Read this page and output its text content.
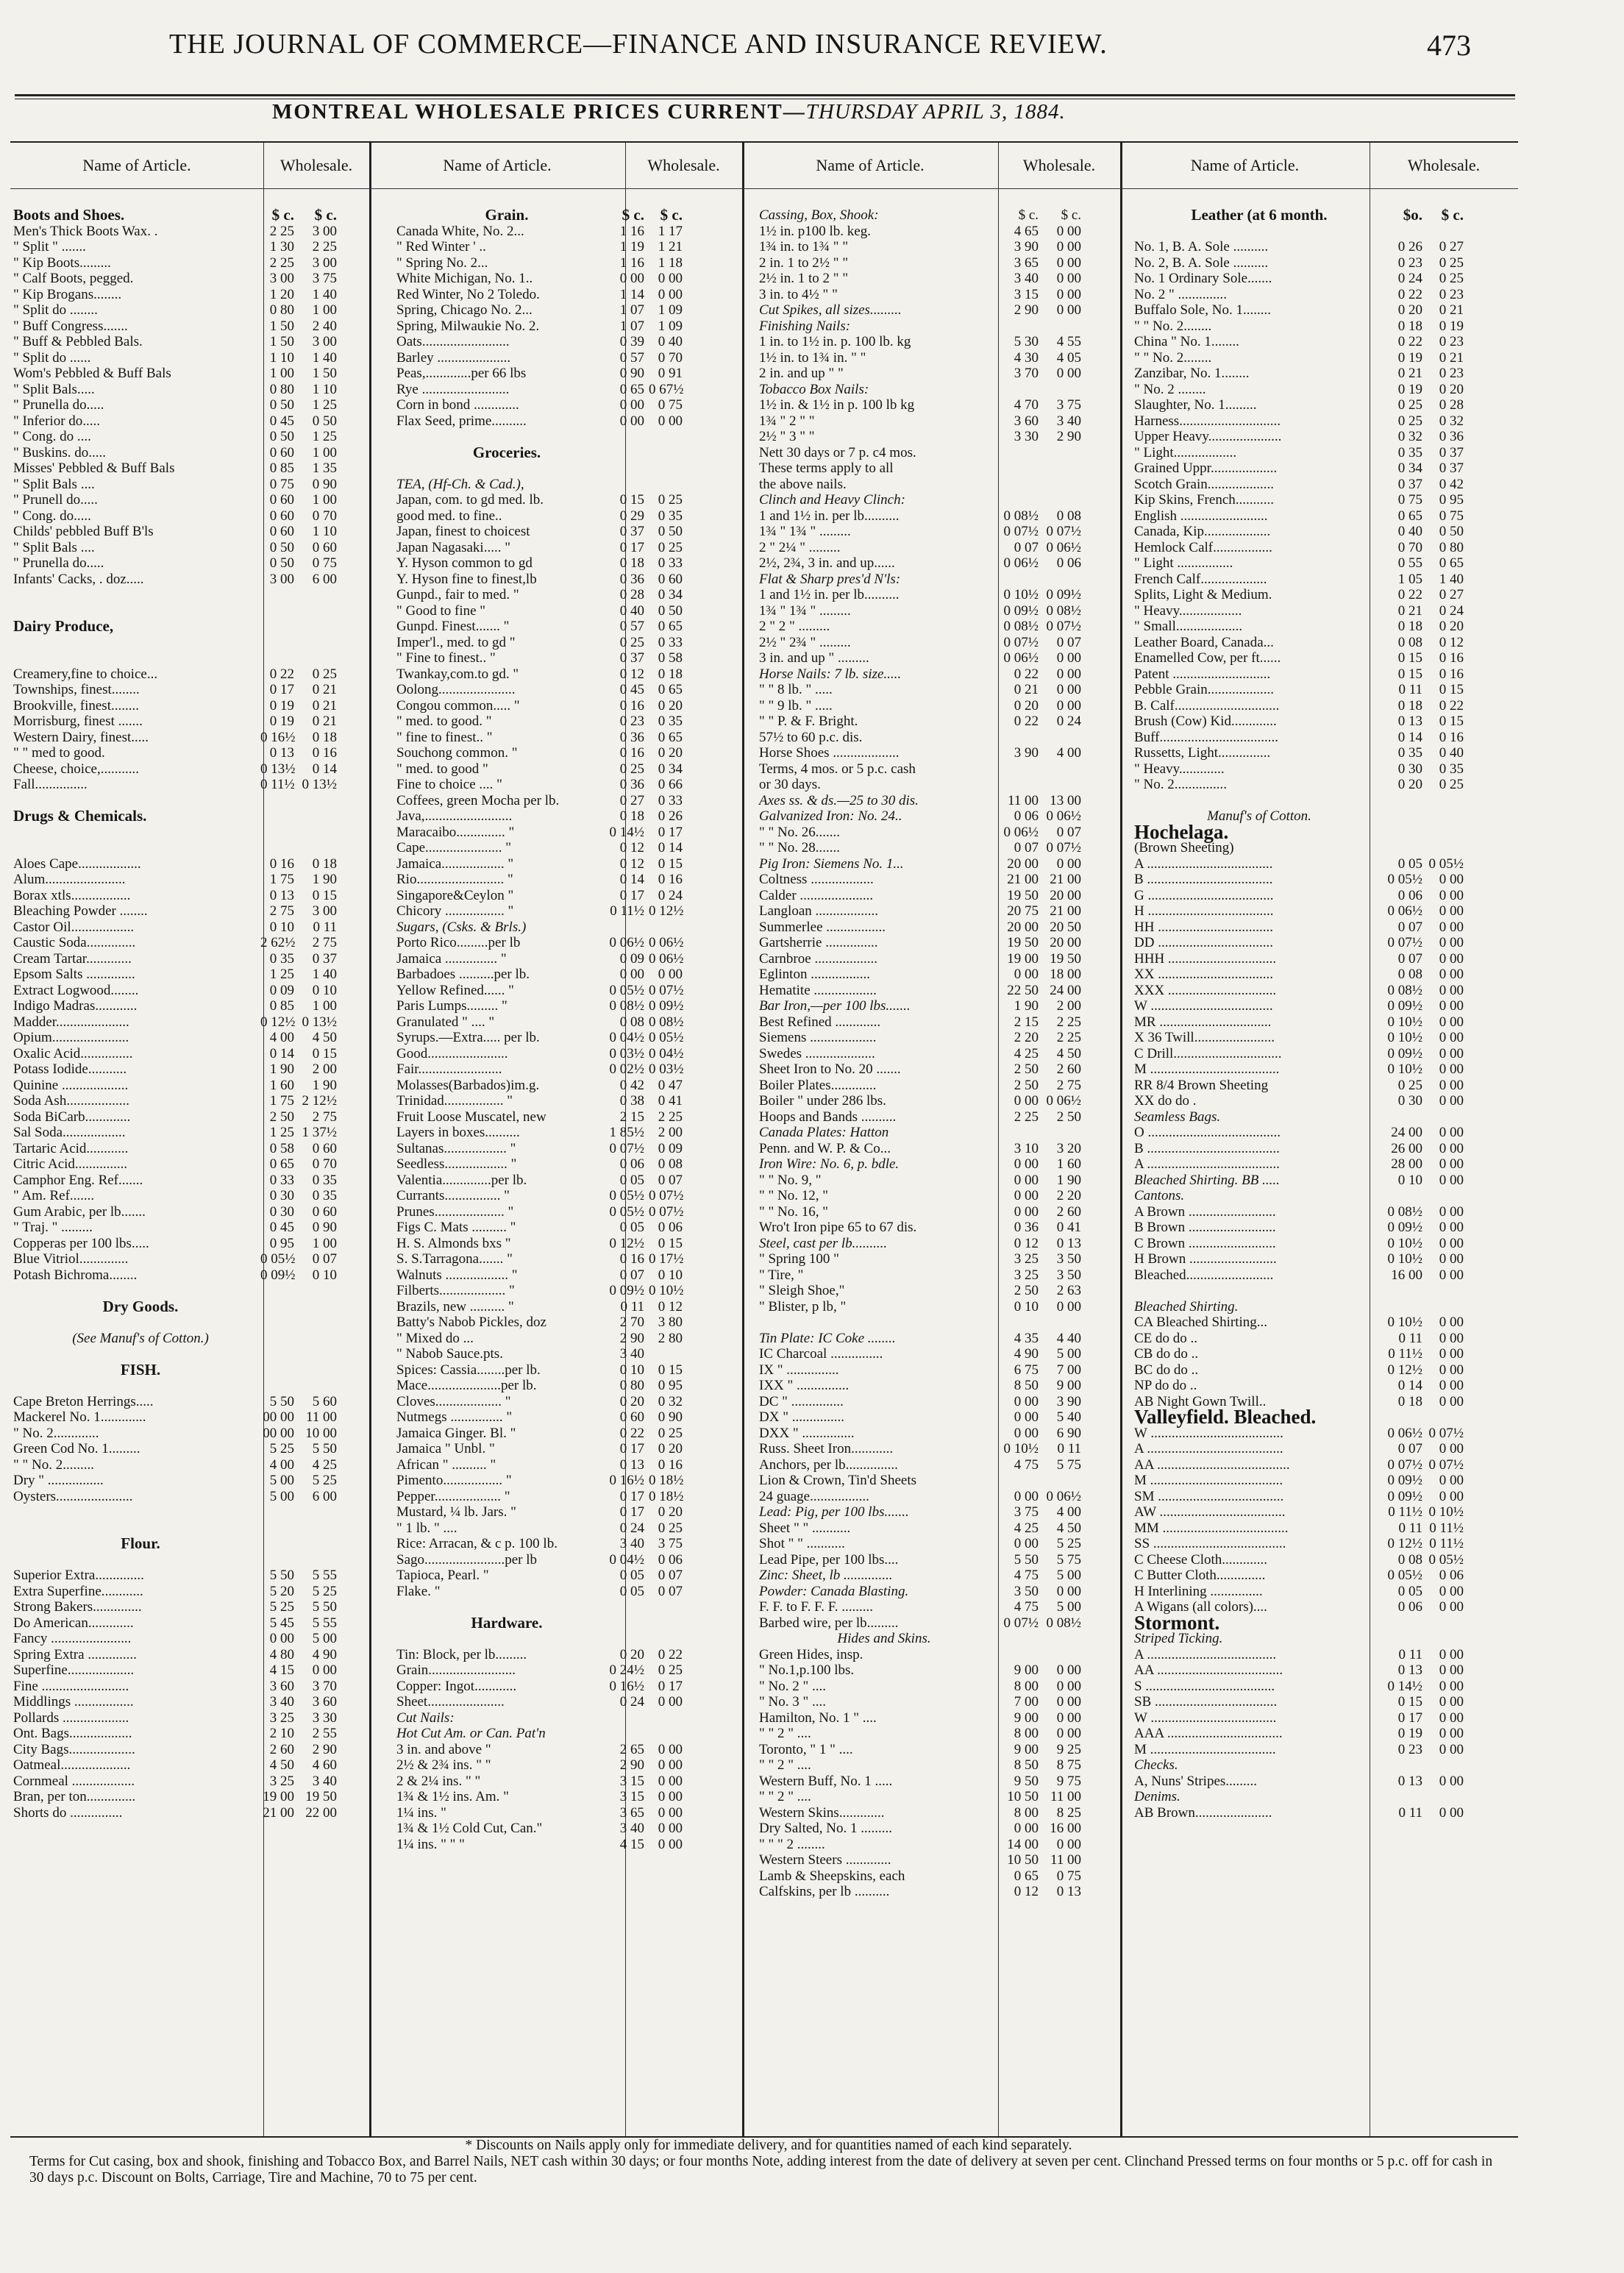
THE JOURNAL OF COMMERCE—FINANCE AND INSURANCE REVIEW.	473
MONTREAL WHOLESALE PRICES CURRENT—THURSDAY APRIL 3, 1884.
Name of Article.	Wholesale.	Name of Article.	Wholesale.	Name of Article.	Wholesale.	Name of Article.	Wholesale.
Boots and Shoes.	$ c.	$ c.
Men's Thick Boots Wax. .	2 25	3 00
" Split " .......	1 30	2 25
" Kip Boots.........	2 25	3 00
" Calf Boots, pegged.	3 00	3 75
" Kip Brogans........	1 20	1 40
" Split do ........	0 80	1 00
" Buff Congress.......	1 50	2 40
" Buff & Pebbled Bals.	1 50	3 00
" Split do ......	1 10	1 40
Wom's Pebbled & Buff Bals	1 00	1 50
" Split Bals.....	0 80	1 10
" Prunella do.....	0 50	1 25
" Inferior do.....	0 45	0 50
" Cong. do ....	0 50	1 25
" Buskins. do.....	0 60	1 00
Misses' Pebbled & Buff Bals	0 85	1 35
" Split Bals ....	0 75	0 90
" Prunell do.....	0 60	1 00
" Cong. do.....	0 60	0 70
Childs' pebbled Buff B'ls	0 60	1 10
" Split Bals ....	0 50	0 60
" Prunella do.....	0 50	0 75
Infants' Cacks, . doz.....	3 00	6 00
Dairy Produce,
Creamery,fine to choice...	0 22	0 25
Townships, finest........	0 17	0 21
Brookville, finest........	0 19	0 21
Morrisburg, finest .......	0 19	0 21
Western Dairy, finest.....	0 16½	0 18
" " med to good.	0 13	0 16
Cheese, choice,...........	0 13½	0 14
Fall...............	0 11½ 0 13½
Drugs & Chemicals.
Aloes Cape..................	0 16	0 18
Alum.......................	1 75	1 90
Borax xtls.................	0 13	0 15
Bleaching Powder ........	2 75	3 00
Castor Oil..................	0 10	0 11
Caustic Soda..............	2 62½	2 75
Cream Tartar.............	0 35	0 37
Epsom Salts ..............	1 25	1 40
Extract Logwood........	0 09	0 10
Indigo Madras............	0 85	1 00
Madder.....................	0 12½ 0 13½
Opium......................	4 00	4 50
Oxalic Acid...............	0 14	0 15
Potass Iodide...........	1 90	2 00
Quinine ...................	1 60	1 90
Soda Ash..................	1 75 2 12½
Soda BiCarb.............	2 50	2 75
Sal Soda..................	1 25 1 37½
Tartaric Acid............	0 58	0 60
Citric Acid...............	0 65	0 70
Camphor Eng. Ref.......	0 33	0 35
" Am. Ref.......	0 30	0 35
Gum Arabic, per lb.......	0 30	0 60
" Traj. " .........	0 45	0 90
Copperas per 100 lbs.....	0 95	1 00
Blue Vitriol..............	0 05½	0 07
Potash Bichroma........	0 09½	0 10
Dry Goods.
(See Manuf's of Cotton.)
FISH.
Cape Breton Herrings.....	5 50	5 60
Mackerel No. 1.............	00 00 11 00
" No. 2.............	00 00 10 00
Green Cod No. 1.........	5 25	5 50
" " No. 2.........	4 00	4 25
Dry " ................	5 00	5 25
Oysters......................	5 00	6 00
Flour.
Superior Extra..............	5 50	5 55
Extra Superfine............	5 20	5 25
Strong Bakers..............	5 25	5 50
Do American.............	5 45	5 55
Fancy .......................	0 00	5 00
Spring Extra ..............	4 80	4 90
Superfine...................	4 15	0 00
Fine .........................	3 60	3 70
Middlings .................	3 40	3 60
Pollards ...................	3 25	3 30
Ont. Bags..................	2 10	2 55
City Bags...................	2 60	2 90
Oatmeal....................	4 50	4 60
Cornmeal ..................	3 25	3 40
Bran, per ton..............	19 00 19 50
Shorts do ...............	21 00 22 00
Grain.	$ c.	$ c.
Canada White, No. 2...	1 16 1 17
" Red Winter ' ..	1 19 1 21
" Spring No. 2...	1 16 1 18
White Michigan, No. 1..	0 00 0 00
Red Winter, No 2 Toledo.	1 14 0 00
Spring, Chicago No. 2...	1 07 1 09
Spring, Milwaukie No. 2.	1 07 1 09
Oats.........................	0 39 0 40
Barley .....................	0 57 0 70
Peas,.............per 66 lbs	0 90 0 91
Rye .........................	0 65 0 67½
Corn in bond .............	0 00 0 75
Flax Seed, prime..........	0 00 0 00
Groceries.
TEA, (Hf-Ch. & Cad.),
Japan, com. to gd med. lb.	0 15 0 25
good med. to fine..	0 29 0 35
Japan, finest to choicest	0 37 0 50
Japan Nagasaki..... "	0 17 0 25
Y. Hyson common to gd	0 18 0 33
Y. Hyson fine to finest,lb	0 36 0 60
Gunpd., fair to med. "	0 28 0 34
" Good to fine "	0 40 0 50
Gunpd. Finest....... "	0 57 0 65
Imper'l., med. to gd "	0 25 0 33
" Fine to finest.. "	0 37 0 58
Twankay,com.to gd. "	0 12 0 18
Oolong......................	0 45 0 65
Congou common..... "	0 16 0 20
" med. to good. "	0 23 0 35
" fine to finest.. "	0 36 0 65
Souchong common. "	0 16 0 20
" med. to good "	0 25 0 34
Fine to choice .... "	0 36 0 66
Coffees, green Mocha per lb.	0 27 0 33
Java,.........................	0 18 0 26
Maracaibo.............. "	0 14½ 0 17
Cape...................... "	0 12 0 14
Jamaica.................. "	0 12 0 15
Rio......................... "	0 14 0 16
Singapore&Ceylon "	0 17 0 24
Chicory ................. "	0 11½ 0 12½
Sugars, (Csks. & Brls.)
Porto Rico.........per lb	0 06½ 0 06½
Jamaica ............... "	0 09 0 06½
Barbadoes ..........per lb.	0 00 0 00
Yellow Refined...... "	0 05½ 0 07½
Paris Lumps......... "	0 08½ 0 09½
Granulated " .... "	0 08 0 08½
Syrups.—Extra..... per lb.	0 04½ 0 05½
Good.......................	0 03½ 0 04½
Fair........................	0 02½ 0 03½
Molasses(Barbados)im.g.	0 42 0 47
Trinidad................. "	0 38 0 41
Fruit Loose Muscatel, new	2 15 2 25
Layers in boxes..........	1 85½ 2 00
Sultanas.................. "	0 07½ 0 09
Seedless.................. "	0 06 0 08
Valentia..............per lb.	0 05 0 07
Currants................ "	0 05½ 0 07½
Prunes.................... "	0 05½ 0 07½
Figs C. Mats .......... "	0 05 0 06
H. S. Almonds bxs "	0 12½ 0 15
S. S.Tarragona....... "	0 16 0 17½
Walnuts .................. "	0 07 0 10
Filberts................... "	0 09½ 0 10½
Brazils, new .......... "	0 11 0 12
Batty's Nabob Pickles, doz	2 70 3 80
" Mixed do ...	2 90 2 80
" Nabob Sauce.pts.	3 40
Spices: Cassia........per lb.	0 10 0 15
Mace.....................per lb.	0 80 0 95
Cloves................... "	0 20 0 32
Nutmegs ............... "	0 60 0 90
Jamaica Ginger. Bl. "	0 22 0 25
Jamaica " Unbl. "	0 17 0 20
African " .......... "	0 13 0 16
Pimento................. "	0 16½ 0 18½
Pepper................... "	0 17 0 18½
Mustard, ¼ lb. Jars. "	0 17 0 20
" 1 lb. " ....	0 24 0 25
Rice: Arracan, & c p. 100 lb.	3 40 3 75
Sago.......................per lb	0 04½ 0 06
Tapioca, Pearl. "	0 05 0 07
Flake. "	0 05 0 07
Hardware.
Tin: Block, per lb.........	0 20 0 22
Grain.........................	0 24½ 0 25
Copper: Ingot............	0 16½ 0 17
Sheet......................	0 24 0 00
Cut Nails:
Hot Cut Am. or Can. Pat'n
3 in. and above "	2 65 0 00
2½ & 2¾ ins. " "	2 90 0 00
2 & 2¼ ins. " "	3 15 0 00
1¾ & 1½ ins. Am. "	3 15 0 00
1¼ ins. "	3 65 0 00
1¾ & 1½ Cold Cut, Can."	3 40 0 00
1¼ ins. " " "	4 15 0 00
Cassing, Box, Shook:	$ c.	$ c.
1½ in. p100 lb. keg.	4 65	0 00
1¾ in. to 1¾ " "	3 90	0 00
2 in. 1 to 2½ " "	3 65	0 00
2½ in. 1 to 2 " "	3 40	0 00
3 in. to 4½ " "	3 15	0 00
Cut Spikes, all sizes.........	2 90	0 00
Finishing Nails:
1 in. to 1½ in. p. 100 lb. kg	5 30	4 55
1½ in. to 1¾ in. " "	4 30	4 05
2 in. and up " "	3 70	0 00
Tobacco Box Nails:
1½ in. & 1½ in p. 100 lb kg	4 70	3 75
1¾ " 2 " "	3 60	3 40
2½ " 3 " "	3 30	2 90
Nett 30 days or 7 p. c4 mos.
These terms apply to all
the above nails.
Clinch and Heavy Clinch:
1 and 1½ in. per lb..........	0 08½	0 08
1¾ " 1¾ " .........	0 07½ 0 07½
2 " 2¼ " .........	0 07 0 06½
2½, 2¾, 3 in. and up......	0 06½	0 06
Flat & Sharp pres'd N'ls:
1 and 1½ in. per lb..........	0 10½ 0 09½
1¾ " 1¾ " .........	0 09½ 0 08½
2 " 2 " .........	0 08½ 0 07½
2½ " 2¾ " .........	0 07½	0 07
3 in. and up " .........	0 06½	0 00
Horse Nails: 7 lb. size.....	0 22	0 00
" " 8 lb. " .....	0 21	0 00
" " 9 lb. " .....	0 20	0 00
" " P. & F. Bright.	0 22	0 24
57½ to 60 p.c. dis.
Horse Shoes ...................	3 90	4 00
Terms, 4 mos. or 5 p.c. cash
or 30 days.
Axes ss. & ds.—25 to 30 dis.	11 00 13 00
Galvanized Iron: No. 24..	0 06 0 06½
" " No. 26.......	0 06½	0 07
" " No. 28.......	0 07 0 07½
Pig Iron: Siemens No. 1...	20 00	0 00
Coltness ..................	21 00 21 00
Calder .....................	19 50 20 00
Langloan ..................	20 75 21 00
Summerlee .................	20 00 20 50
Gartsherrie ...............	19 50 20 00
Carnbroe ..................	19 00 19 50
Eglinton .................	0 00 18 00
Hematite ..................	22 50 24 00
Bar Iron,—per 100 lbs.......	1 90	2 00
Best Refined .............	2 15	2 25
Siemens ...................	2 20	2 25
Swedes ....................	4 25	4 50
Sheet Iron to No. 20 .......	2 50	2 60
Boiler Plates.............	2 50	2 75
Boiler " under 286 lbs.	0 00 0 06½
Hoops and Bands ..........	2 25	2 50
Canada Plates: Hatton
Penn. and W. P. & Co...	3 10	3 20
Iron Wire: No. 6, p. bdle.	0 00	1 60
" " No. 9, "	0 00	1 90
" " No. 12, "	0 00	2 20
" " No. 16, "	0 00	2 60
Wro't Iron pipe 65 to 67 dis.	0 36	0 41
Steel, cast per lb..........	0 12	0 13
" Spring 100 "	3 25	3 50
" Tire, "	3 25	3 50
" Sleigh Shoe,"	2 50	2 63
" Blister, p lb, "	0 10	0 00
Tin Plate: IC Coke ........	4 35	4 40
IC Charcoal ...............	4 90	5 00
IX " ...............	6 75	7 00
IXX " ...............	8 50	9 00
DC " ...............	0 00	3 90
DX " ...............	0 00	5 40
DXX " ...............	0 00	6 90
Russ. Sheet Iron............	0 10½	0 11
Anchors, per lb...............	4 75	5 75
Lion & Crown, Tin'd Sheets
24 guage.................	0 00 0 06½
Lead: Pig, per 100 lbs.......	3 75	4 00
Sheet " " ...........	4 25	4 50
Shot " " ...........	0 00	5 25
Lead Pipe, per 100 lbs....	5 50	5 75
Zinc: Sheet, lb ..............	4 75	5 00
Powder: Canada Blasting.	3 50	0 00
F. F. to F. F. F. .........	4 75	5 00
Barbed wire, per lb.........	0 07½ 0 08½
Hides and Skins.
Green Hides, insp.
" No.1,p.100 lbs.	9 00	0 00
" No. 2 " ....	8 00	0 00
" No. 3 " ....	7 00	0 00
Hamilton, No. 1 " ....	9 00	0 00
" " 2 " ....	8 00	0 00
Toronto, " 1 " ....	9 00	9 25
" " 2 " ....	8 50	8 75
Western Buff, No. 1 .....	9 50	9 75
" " 2 " ....	10 50 11 00
Western Skins.............	8 00	8 25
Dry Salted, No. 1 .........	0 00 16 00
" " " 2 ........	14 00	0 00
Western Steers .............	10 50 11 00
Lamb & Sheepskins, each	0 65	0 75
Calfskins, per lb ..........	0 12	0 13
Leather (at 6 month.	$o.	$ c.
No. 1, B. A. Sole ..........	0 26	0 27
No. 2, B. A. Sole ..........	0 23	0 25
No. 1 Ordinary Sole.......	0 24	0 25
No. 2 " ..............	0 22	0 23
Buffalo Sole, No. 1........	0 20	0 21
" " No. 2........	0 18	0 19
China " No. 1........	0 22	0 23
" " No. 2........	0 19	0 21
Zanzibar, No. 1........	0 21	0 23
" No. 2 ........	0 19	0 20
Slaughter, No. 1.........	0 25	0 28
Harness.............................	0 25	0 32
Upper Heavy.....................	0 32	0 36
" Light..................	0 35	0 37
Grained Uppr...................	0 34	0 37
Scotch Grain...................	0 37	0 42
Kip Skins, French...........	0 75	0 95
English .........................	0 65	0 75
Canada, Kip...................	0 40	0 50
Hemlock Calf.................	0 70	0 80
" Light ................	0 55	0 65
French Calf...................	1 05	1 40
Splits, Light & Medium.	0 22	0 27
" Heavy..................	0 21	0 24
" Small...................	0 18	0 20
Leather Board, Canada...	0 08	0 12
Enamelled Cow, per ft......	0 15	0 16
Patent ............................	0 15	0 16
Pebble Grain...................	0 11	0 15
B. Calf..............................	0 18	0 22
Brush (Cow) Kid.............	0 13	0 15
Buff..................................	0 14	0 16
Russetts, Light...............	0 35	0 40
" Heavy.............	0 30	0 35
" No. 2...............	0 20	0 25
Manuf's of Cotton.
Hochelaga.
(Brown Sheeting)
A ....................................	0 05 0 05½
B ....................................	0 05½	0 00
G ....................................	0 06	0 00
H ....................................	0 06½	0 00
HH .................................	0 07	0 00
DD .................................	0 07½	0 00
HHH ...............................	0 07	0 00
XX .................................	0 08	0 00
XXX ...............................	0 08½	0 00
W ...................................	0 09½	0 00
MR ................................	0 10½	0 00
X 36 Twill.......................	0 10½	0 00
C Drill...............................	0 09½	0 00
M .....................................	0 10½	0 00
RR 8/4 Brown Sheeting	0 25	0 00
XX do do .	0 30	0 00
Seamless Bags.
O ......................................	24 00	0 00
B ......................................	26 00	0 00
A ......................................	28 00	0 00
Bleached Shirting. BB .....	0 10	0 00
Cantons.
A Brown .........................	0 08½	0 00
B Brown .........................	0 09½	0 00
C Brown .........................	0 10½	0 00
H Brown .........................	0 10½	0 00
Bleached.........................	16 00	0 00
Bleached Shirting.
CA Bleached Shirting...	0 10½	0 00
CE do do ..	0 11	0 00
CB do do ..	0 11½	0 00
BC do do ..	0 12½	0 00
NP do do ..	0 14	0 00
AB Night Gown Twill..	0 18	0 00
Valleyfield. Bleached.
W ......................................	0 06½ 0 07½
A .......................................	0 07	0 00
AA ......................................	0 07½ 0 07½
M ......................................	0 09½	0 00
SM ....................................	0 09½	0 00
AW ....................................	0 11½ 0 10½
MM ....................................	0 11 0 11½
SS ......................................	0 12½ 0 11½
C Cheese Cloth.............	0 08 0 05½
C Butter Cloth..............	0 05½	0 06
H Interlining ...............	0 05	0 00
A Wigans (all colors)....	0 06	0 00
Stormont.
Striped Ticking.
A .....................................	0 11	0 00
AA ....................................	0 13	0 00
S .....................................	0 14½	0 00
SB ...................................	0 15	0 00
W ....................................	0 17	0 00
AAA .................................	0 19	0 00
M ....................................	0 23	0 00
Checks.
A, Nuns' Stripes.........	0 13	0 00
Denims.
AB Brown......................	0 11	0 00

* Discounts on Nails apply only for immediate delivery, and for quantities named of each kind separately.

Terms for Cut casing, box and shook, finishing and Tobacco Box, and Barrel Nails, NET cash within 30 days; or four months Note, adding interest from the date of delivery at seven per cent. Clinchand Pressed terms on four months or 5 p.c. off for cash in 30 days p.c. Discount on Bolts, Carriage, Tire and Machine, 70 to 75 per cent.
